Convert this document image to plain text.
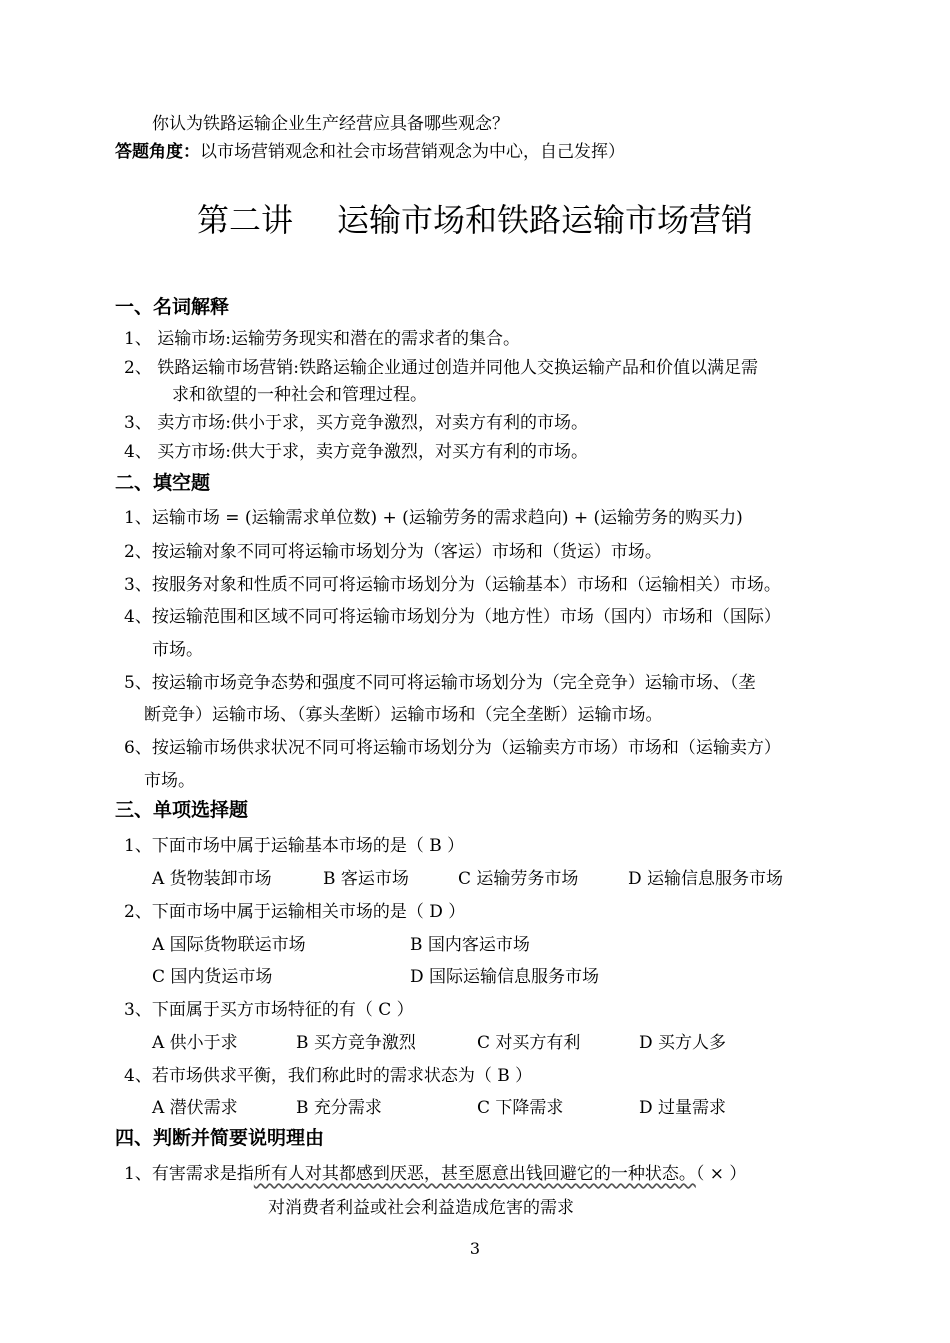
你认为铁路运输企业生产经营应具备哪些观念？
答题角度：以市场营销观念和社会市场营销观念为中心，自己发挥）
第二讲 运输市场和铁路运输市场营销
一、名词解释
1、 运输市场:运输劳务现实和潜在的需求者的集合。
2、 铁路运输市场营销:铁路运输企业通过创造并同他人交换运输产品和价值以满足需
求和欲望的一种社会和管理过程。
3、 卖方市场:供小于求，买方竞争激烈，对卖方有利的市场。
4、 买方市场:供大于求，卖方竞争激烈，对买方有利的市场。
二、填空题
1、运输市场 = (运输需求单位数) + (运输劳务的需求趋向) + (运输劳务的购买力)
2、按运输对象不同可将运输市场划分为（客运）市场和（货运）市场。
3、按服务对象和性质不同可将运输市场划分为（运输基本）市场和（运输相关）市场。
4、按运输范围和区域不同可将运输市场划分为（地方性）市场（国内）市场和（国际）
市场。
5、按运输市场竞争态势和强度不同可将运输市场划分为（完全竞争）运输市场、（垄
断竞争）运输市场、（寡头垄断）运输市场和（完全垄断）运输市场。
6、按运输市场供求状况不同可将运输市场划分为（运输卖方市场）市场和（运输卖方）
市场。
三、单项选择题
1、下面市场中属于运输基本市场的是（ B ）
A 货物装卸市场	B 客运市场	C 运输劳务市场	D 运输信息服务市场
2、下面市场中属于运输相关市场的是（ D ）
A 国际货物联运市场	B 国内客运市场
C 国内货运市场	D 国际运输信息服务市场
3、下面属于买方市场特征的有（ C ）
A 供小于求	B 买方竞争激烈	C 对买方有利	D 买方人多
4、若市场供求平衡，我们称此时的需求状态为（ B ）
A 潜伏需求	B 充分需求	C 下降需求	D 过量需求
四、判断并简要说明理由
1、有害需求是指所有人对其都感到厌恶，甚至愿意出钱回避它的一种状态。（ × ）
对消费者利益或社会利益造成危害的需求
3
